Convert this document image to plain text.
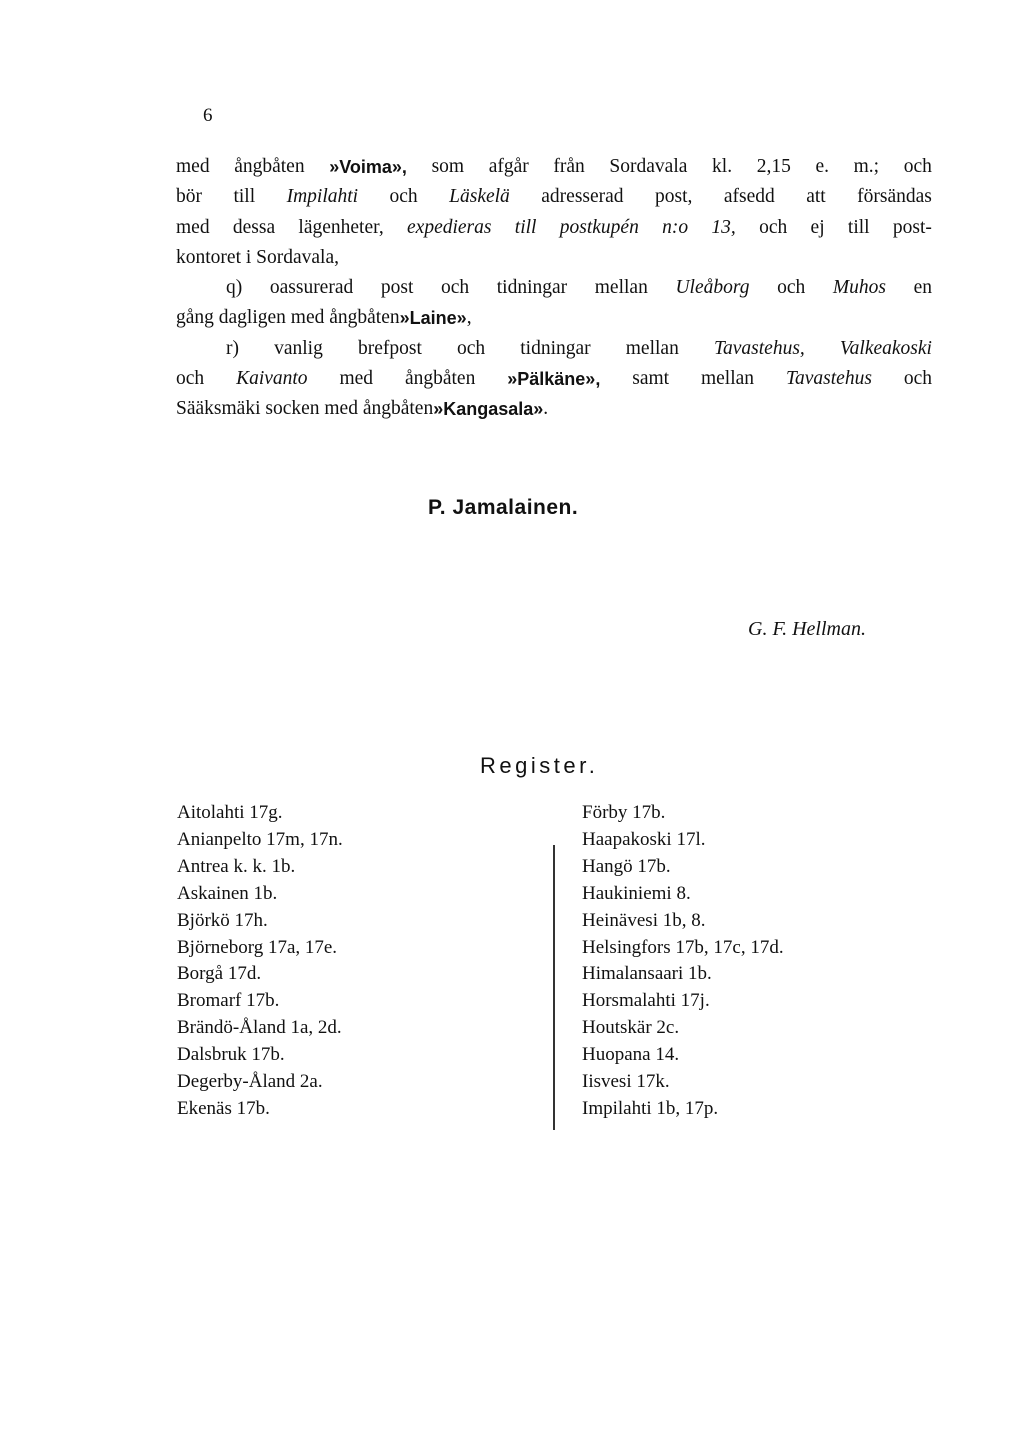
6
med ångbåten »Voima», som afgår från Sordavala kl. 2,15 e. m.; och
bör till Impilahti och Läskelä adresserad post, afsedd att försändas
med dessa lägenheter, expedieras till postkupén n:o 13, och ej till post-
kontoret i Sordavala,
q) oassurerad post och tidningar mellan Uleåborg och Muhos en
gång dagligen med ångbåten »Laine» ,
r) vanlig brefpost och tidningar mellan Tavastehus, Valkeakoski
och Kaivanto med ångbåten »Pälkäne», samt mellan Tavastehus och
Sääksmäki socken med ångbåten »Kangasala» .
P. Jamalainen.
G. F. Hellman.
Register.
Aitolahti 17g.
Anianpelto 17m, 17n.
Antrea k. k. 1b.
Askainen 1b.
Björkö 17h.
Björneborg 17a, 17e.
Borgå 17d.
Bromarf 17b.
Brändö-Åland 1a, 2d.
Dalsbruk 17b.
Degerby-Åland 2a.
Ekenäs 17b.
Förby 17b.
Haapakoski 17l.
Hangö 17b.
Haukiniemi 8.
Heinävesi 1b, 8.
Helsingfors 17b, 17c, 17d.
Himalansaari 1b.
Horsmalahti 17j.
Houtskär 2c.
Huopana 14.
Iisvesi 17k.
Impilahti 1b, 17p.
